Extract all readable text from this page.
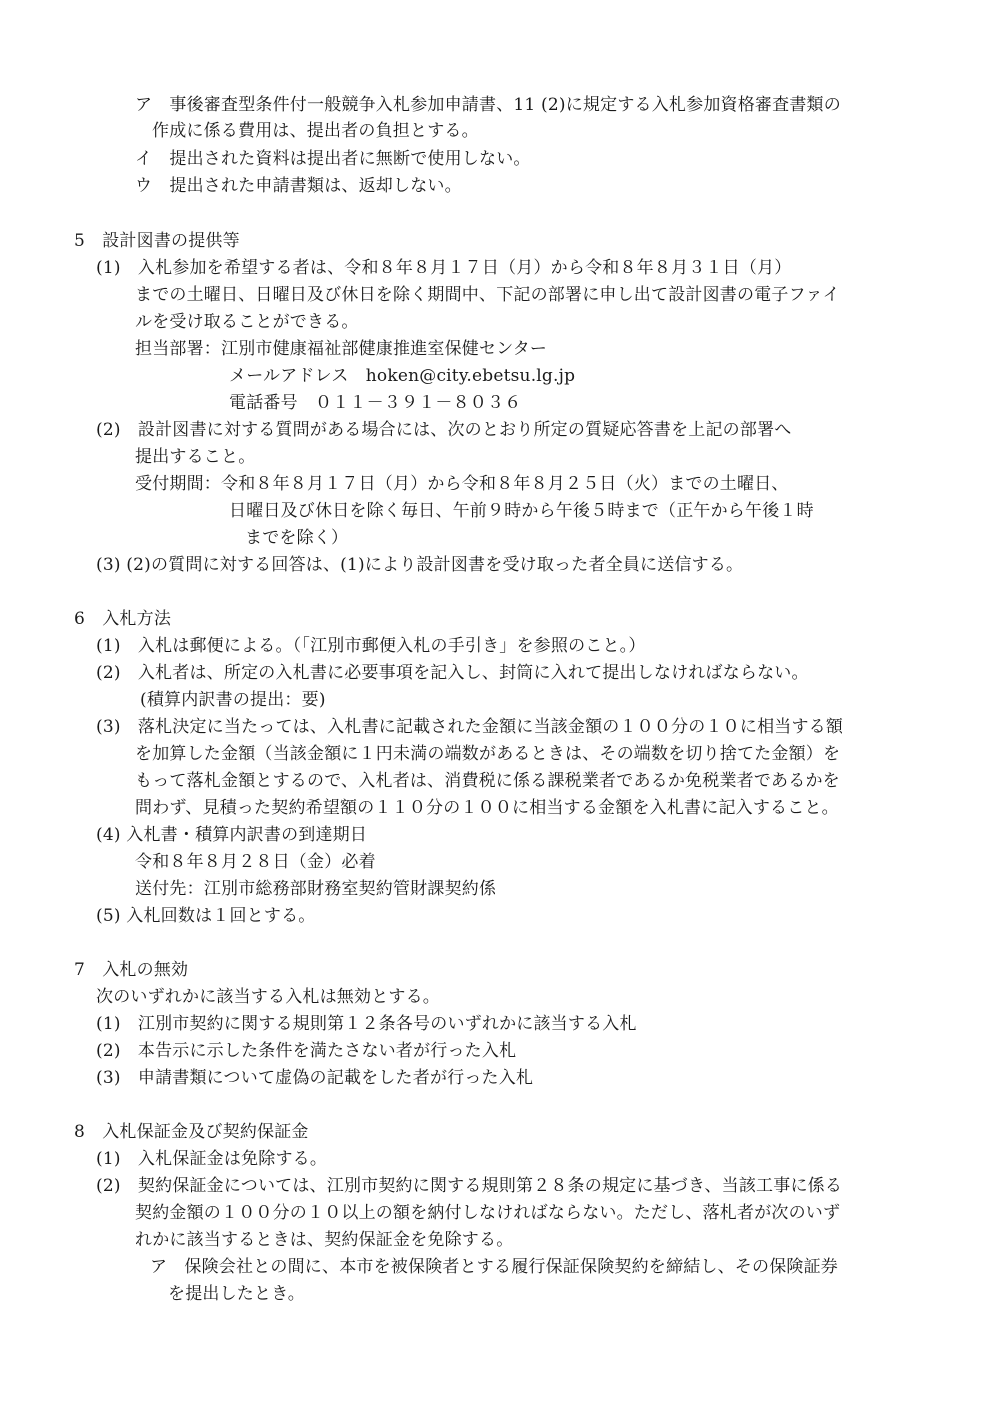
ア　事後審査型条件付一般競争入札参加申請書、11 (2)に規定する入札参加資格審査書類の
作成に係る費用は、提出者の負担とする。
イ　提出された資料は提出者に無断で使用しない。
ウ　提出された申請書類は、返却しない。
5　設計図書の提供等
(1)　入札参加を希望する者は、令和８年８月１７日（月）から令和８年８月３１日（月）
までの土曜日、日曜日及び休日を除く期間中、下記の部署に申し出て設計図書の電子ファイ
ルを受け取ることができる。
担当部署：江別市健康福祉部健康推進室保健センター
メールアドレス　hoken@city.ebetsu.lg.jp
電話番号　０１１－３９１－８０３６
(2)　設計図書に対する質問がある場合には、次のとおり所定の質疑応答書を上記の部署へ
提出すること。
受付期間：令和８年８月１７日（月）から令和８年８月２５日（火）までの土曜日、
日曜日及び休日を除く毎日、午前９時から午後５時まで（正午から午後１時
までを除く）
(3) (2)の質問に対する回答は、(1)により設計図書を受け取った者全員に送信する。
6　入札方法
(1)　入札は郵便による。（「江別市郵便入札の手引き」を参照のこと。）
(2)　入札者は、所定の入札書に必要事項を記入し、封筒に入れて提出しなければならない。
(積算内訳書の提出：要)
(3)　落札決定に当たっては、入札書に記載された金額に当該金額の１００分の１０に相当する額
を加算した金額（当該金額に１円未満の端数があるときは、その端数を切り捨てた金額）を
もって落札金額とするので、入札者は、消費税に係る課税業者であるか免税業者であるかを
問わず、見積った契約希望額の１１０分の１００に相当する金額を入札書に記入すること。
(4) 入札書・積算内訳書の到達期日
令和８年８月２８日（金）必着
送付先：江別市総務部財務室契約管財課契約係
(5) 入札回数は１回とする。
7　入札の無効
次のいずれかに該当する入札は無効とする。
(1)　江別市契約に関する規則第１２条各号のいずれかに該当する入札
(2)　本告示に示した条件を満たさない者が行った入札
(3)　申請書類について虚偽の記載をした者が行った入札
8　入札保証金及び契約保証金
(1)　入札保証金は免除する。
(2)　契約保証金については、江別市契約に関する規則第２８条の規定に基づき、当該工事に係る
契約金額の１００分の１０以上の額を納付しなければならない。ただし、落札者が次のいず
れかに該当するときは、契約保証金を免除する。
ア　保険会社との間に、本市を被保険者とする履行保証保険契約を締結し、その保険証券
を提出したとき。
